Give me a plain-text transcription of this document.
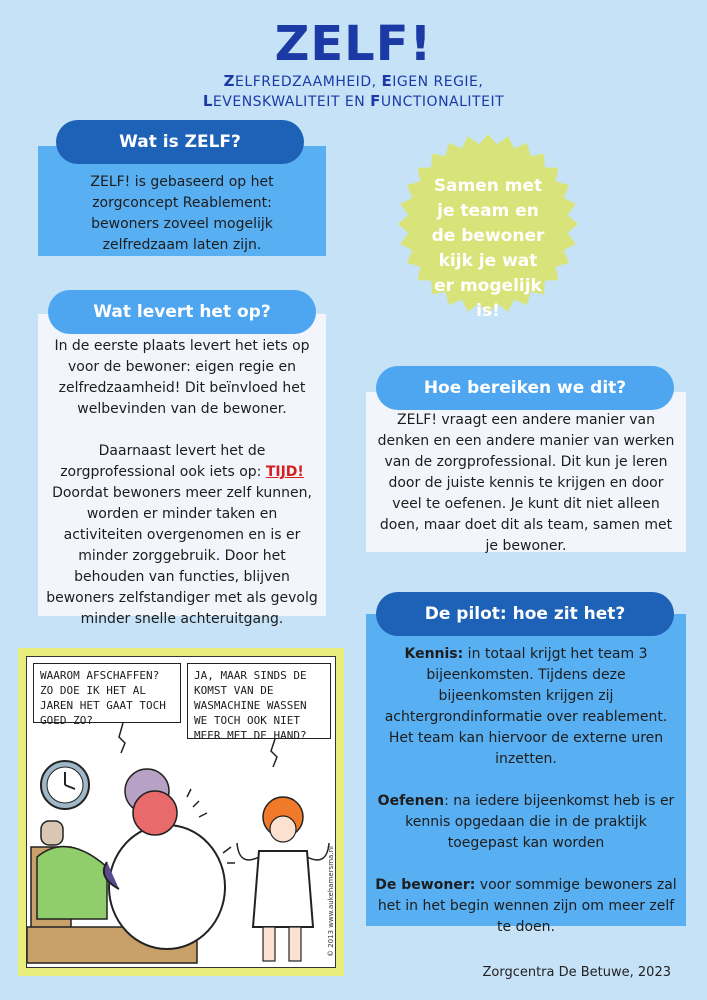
ZELF!
ZELFREDZAAMHEID, EIGEN REGIE,
LEVENSKWALITEIT EN FUNCTIONALITEIT

ZELF! is gebaseerd op het zorgconcept Reablement: bewoners zoveel mogelijk zelfredzaam laten zijn.

Wat is ZELF?
Samen met je team en de bewoner kijk je wat er mogelijk is!

In de eerste plaats levert het iets op voor de bewoner: eigen regie en zelfredzaamheid! Dit beïnvloed het welbevinden van de bewoner.

Daarnaast levert het de zorgprofessional ook iets op: TIJD! Doordat bewoners meer zelf kunnen, worden er minder taken en activiteiten overgenomen en is er minder zorggebruik. Door het behouden van functies, blijven bewoners zelfstandiger met als gevolg minder snelle achteruitgang.

Wat levert het op?

ZELF! vraagt een andere manier van denken en een andere manier van werken van de zorgprofessional. Dit kun je leren door de juiste kennis te krijgen en door veel te oefenen. Je kunt dit niet alleen doen, maar doet dit als team, samen met je bewoner.

Hoe bereiken we dit?

Kennis: in totaal krijgt het team 3 bijeenkomsten. Tijdens deze bijeenkomsten krijgen zij achtergrondinformatie over reablement. Het team kan hiervoor de externe uren inzetten.

Oefenen: na iedere bijeenkomst heb is er kennis opgedaan die in de praktijk toegepast kan worden

De bewoner: voor sommige bewoners zal het in het begin wennen zijn om meer zelf te doen.

De pilot: hoe zit het?
WAAROM AFSCHAFFEN? ZO DOE IK HET AL JAREN HET GAAT TOCH GOED ZO?
JA, MAAR SINDS DE KOMST VAN DE WASMACHINE WASSEN WE TOCH OOK NIET MEER MET DE HAND?
© 2013 www.aukehamersma.nl
Zorgcentra De Betuwe, 2023
